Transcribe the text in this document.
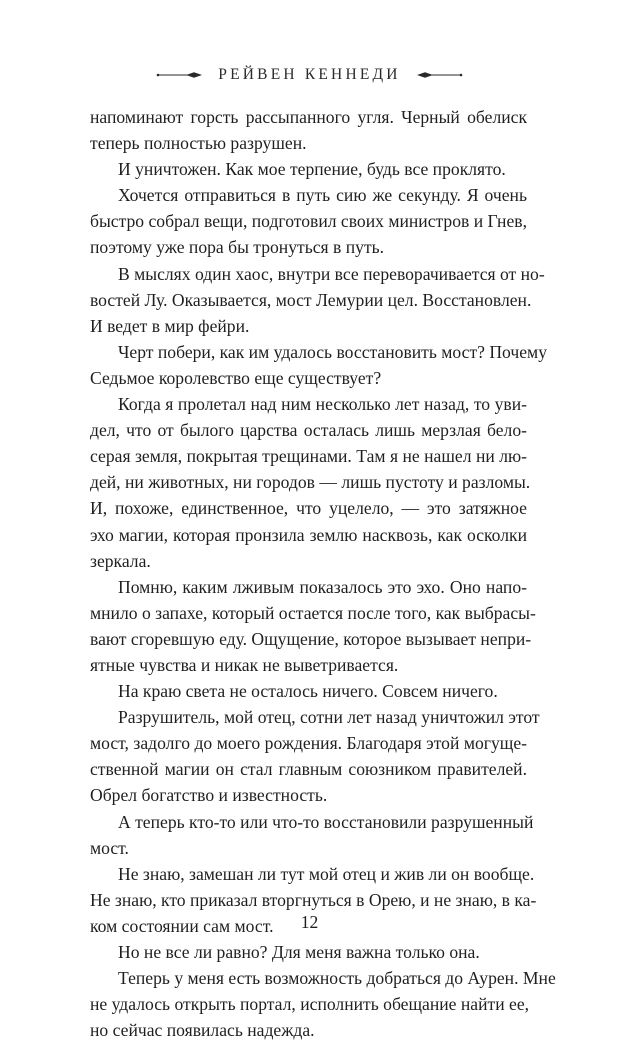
РЕЙВЕН КЕННЕДИ

напоминают горсть рассыпанного угля. Черный обелиск
теперь полностью разрушен.

И уничтожен. Как мое терпение, будь все проклято.

Хочется отправиться в путь сию же секунду. Я очень
быстро собрал вещи, подготовил своих министров и Гнев,
поэтому уже пора бы тронуться в путь.

В мыслях один хаос, внутри все переворачивается от но-
востей Лу. Оказывается, мост Лемурии цел. Восстановлен.
И ведет в мир фейри.

Черт побери, как им удалось восстановить мост? Почему
Седьмое королевство еще существует?

Когда я пролетал над ним несколько лет назад, то уви-
дел, что от былого царства осталась лишь мерзлая бело-
серая земля, покрытая трещинами. Там я не нашел ни лю-
дей, ни животных, ни городов — лишь пустоту и разломы.
И, похоже, единственное, что уцелело, — это затяжное
эхо магии, которая пронзила землю насквозь, как осколки
зеркала.

Помню, каким лживым показалось это эхо. Оно напо-
мнило о запахе, который остается после того, как выбрасы-
вают сгоревшую еду. Ощущение, которое вызывает непри-
ятные чувства и никак не выветривается.

На краю света не осталось ничего. Совсем ничего.

Разрушитель, мой отец, сотни лет назад уничтожил этот
мост, задолго до моего рождения. Благодаря этой могуще-
ственной магии он стал главным союзником правителей.
Обрел богатство и известность.

А теперь кто-то или что-то восстановили разрушенный
мост.

Не знаю, замешан ли тут мой отец и жив ли он вообще.
Не знаю, кто приказал вторгнуться в Орею, и не знаю, в ка-
ком состоянии сам мост.

Но не все ли равно? Для меня важна только она.

Теперь у меня есть возможность добраться до Аурен. Мне
не удалось открыть портал, исполнить обещание найти ее,
но сейчас появилась надежда.

12
